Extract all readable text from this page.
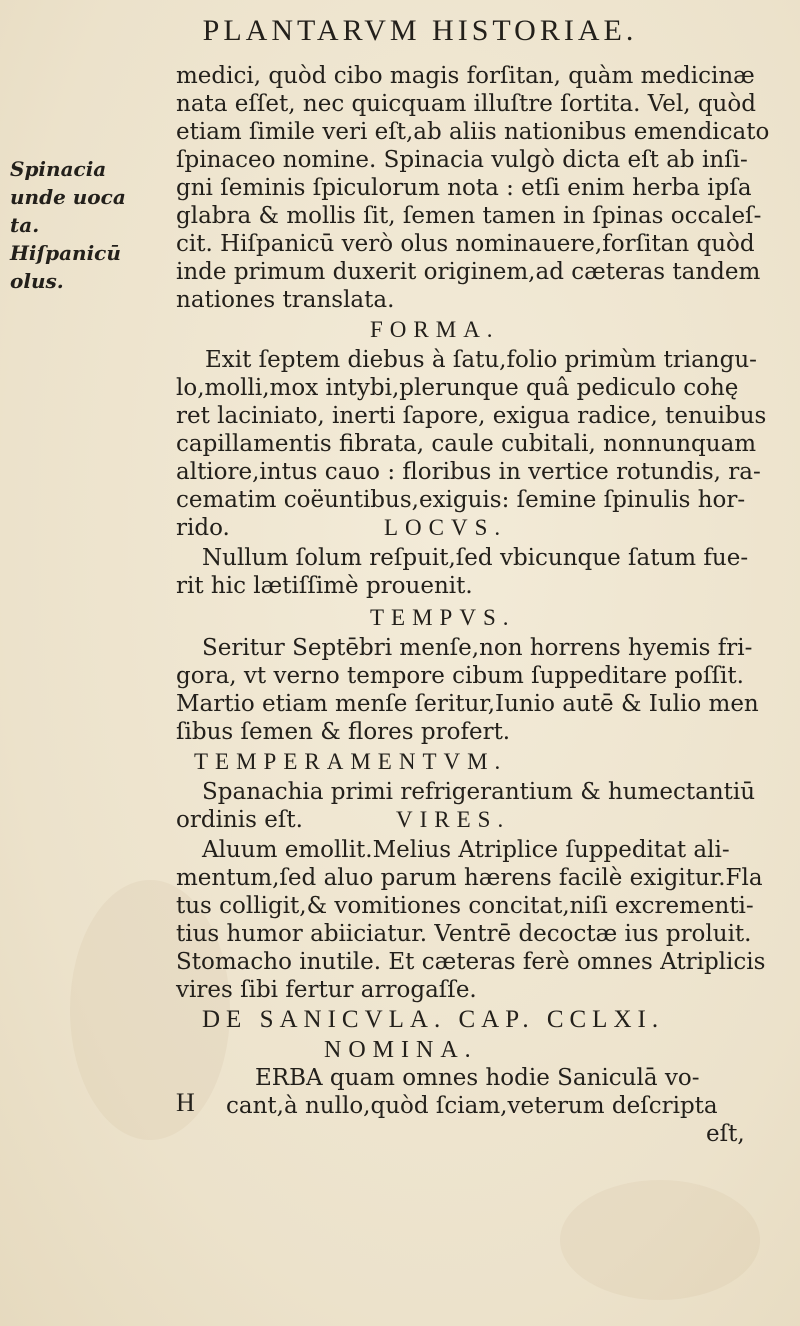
PLANTARVM HISTORIAE.
Spinacia
unde uoca
ta.
Hiſpanicū
olus.
medici, quòd cibo magis forſitan, quàm medicinæ
nata eſſet, nec quicquam illuſtre ſortita. Vel, quòd
etiam ſimile veri eſt,ab aliis nationibus emendicato
ſpinaceo nomine. Spinacia vulgò dicta eſt ab inſi-
gni ſeminis ſpiculorum nota : etſi enim herba ipſa
glabra & mollis ſit, ſemen tamen in ſpinas occaleſ-
cit. Hiſpanicū verò olus nominauere,forſitan quòd
inde primum duxerit originem,ad cæteras tandem
nationes translata.
FORMA.
Exit ſeptem diebus à ſatu,folio primùm triangu-
lo,molli,mox intybi,plerunque quâ pediculo cohę
ret laciniato, inerti ſapore, exigua radice, tenuibus
capillamentis fibrata, caule cubitali, nonnunquam
altiore,intus cauo : floribus in vertice rotundis, ra-
cematim coëuntibus,exiguis: ſemine ſpinulis hor-
rido.	LOCVS.
Nullum ſolum reſpuit,ſed vbicunque ſatum fue-
rit hic lætiſſimè prouenit.
TEMPVS.
Seritur Septēbri menſe,non horrens hyemis fri-
gora, vt verno tempore cibum ſuppeditare poſſit.
Martio etiam menſe ſeritur,Iunio autē & Iulio men
ſibus ſemen & flores profert.
TEMPERAMENTVM.
Spanachia primi refrigerantium & humectantiū
ordinis eſt.	VIRES.
Aluum emollit.Melius Atriplice ſuppeditat ali-
mentum,ſed aluo parum hærens facilè exigitur.Fla
tus colligit,& vomitiones concitat,niſi excrementi-
tius humor abiiciatur. Ventrē decoctæ ius proluit.
Stomacho inutile. Et cæteras ferè omnes Atriplicis
vires ſibi fertur arrogaſſe.
DE SANICVLA. CAP. CCLXI.
NOMINA.
ERBA quam omnes hodie Saniculā vo-
H cant,à nullo,quòd ſciam,veterum deſcripta
eſt,
